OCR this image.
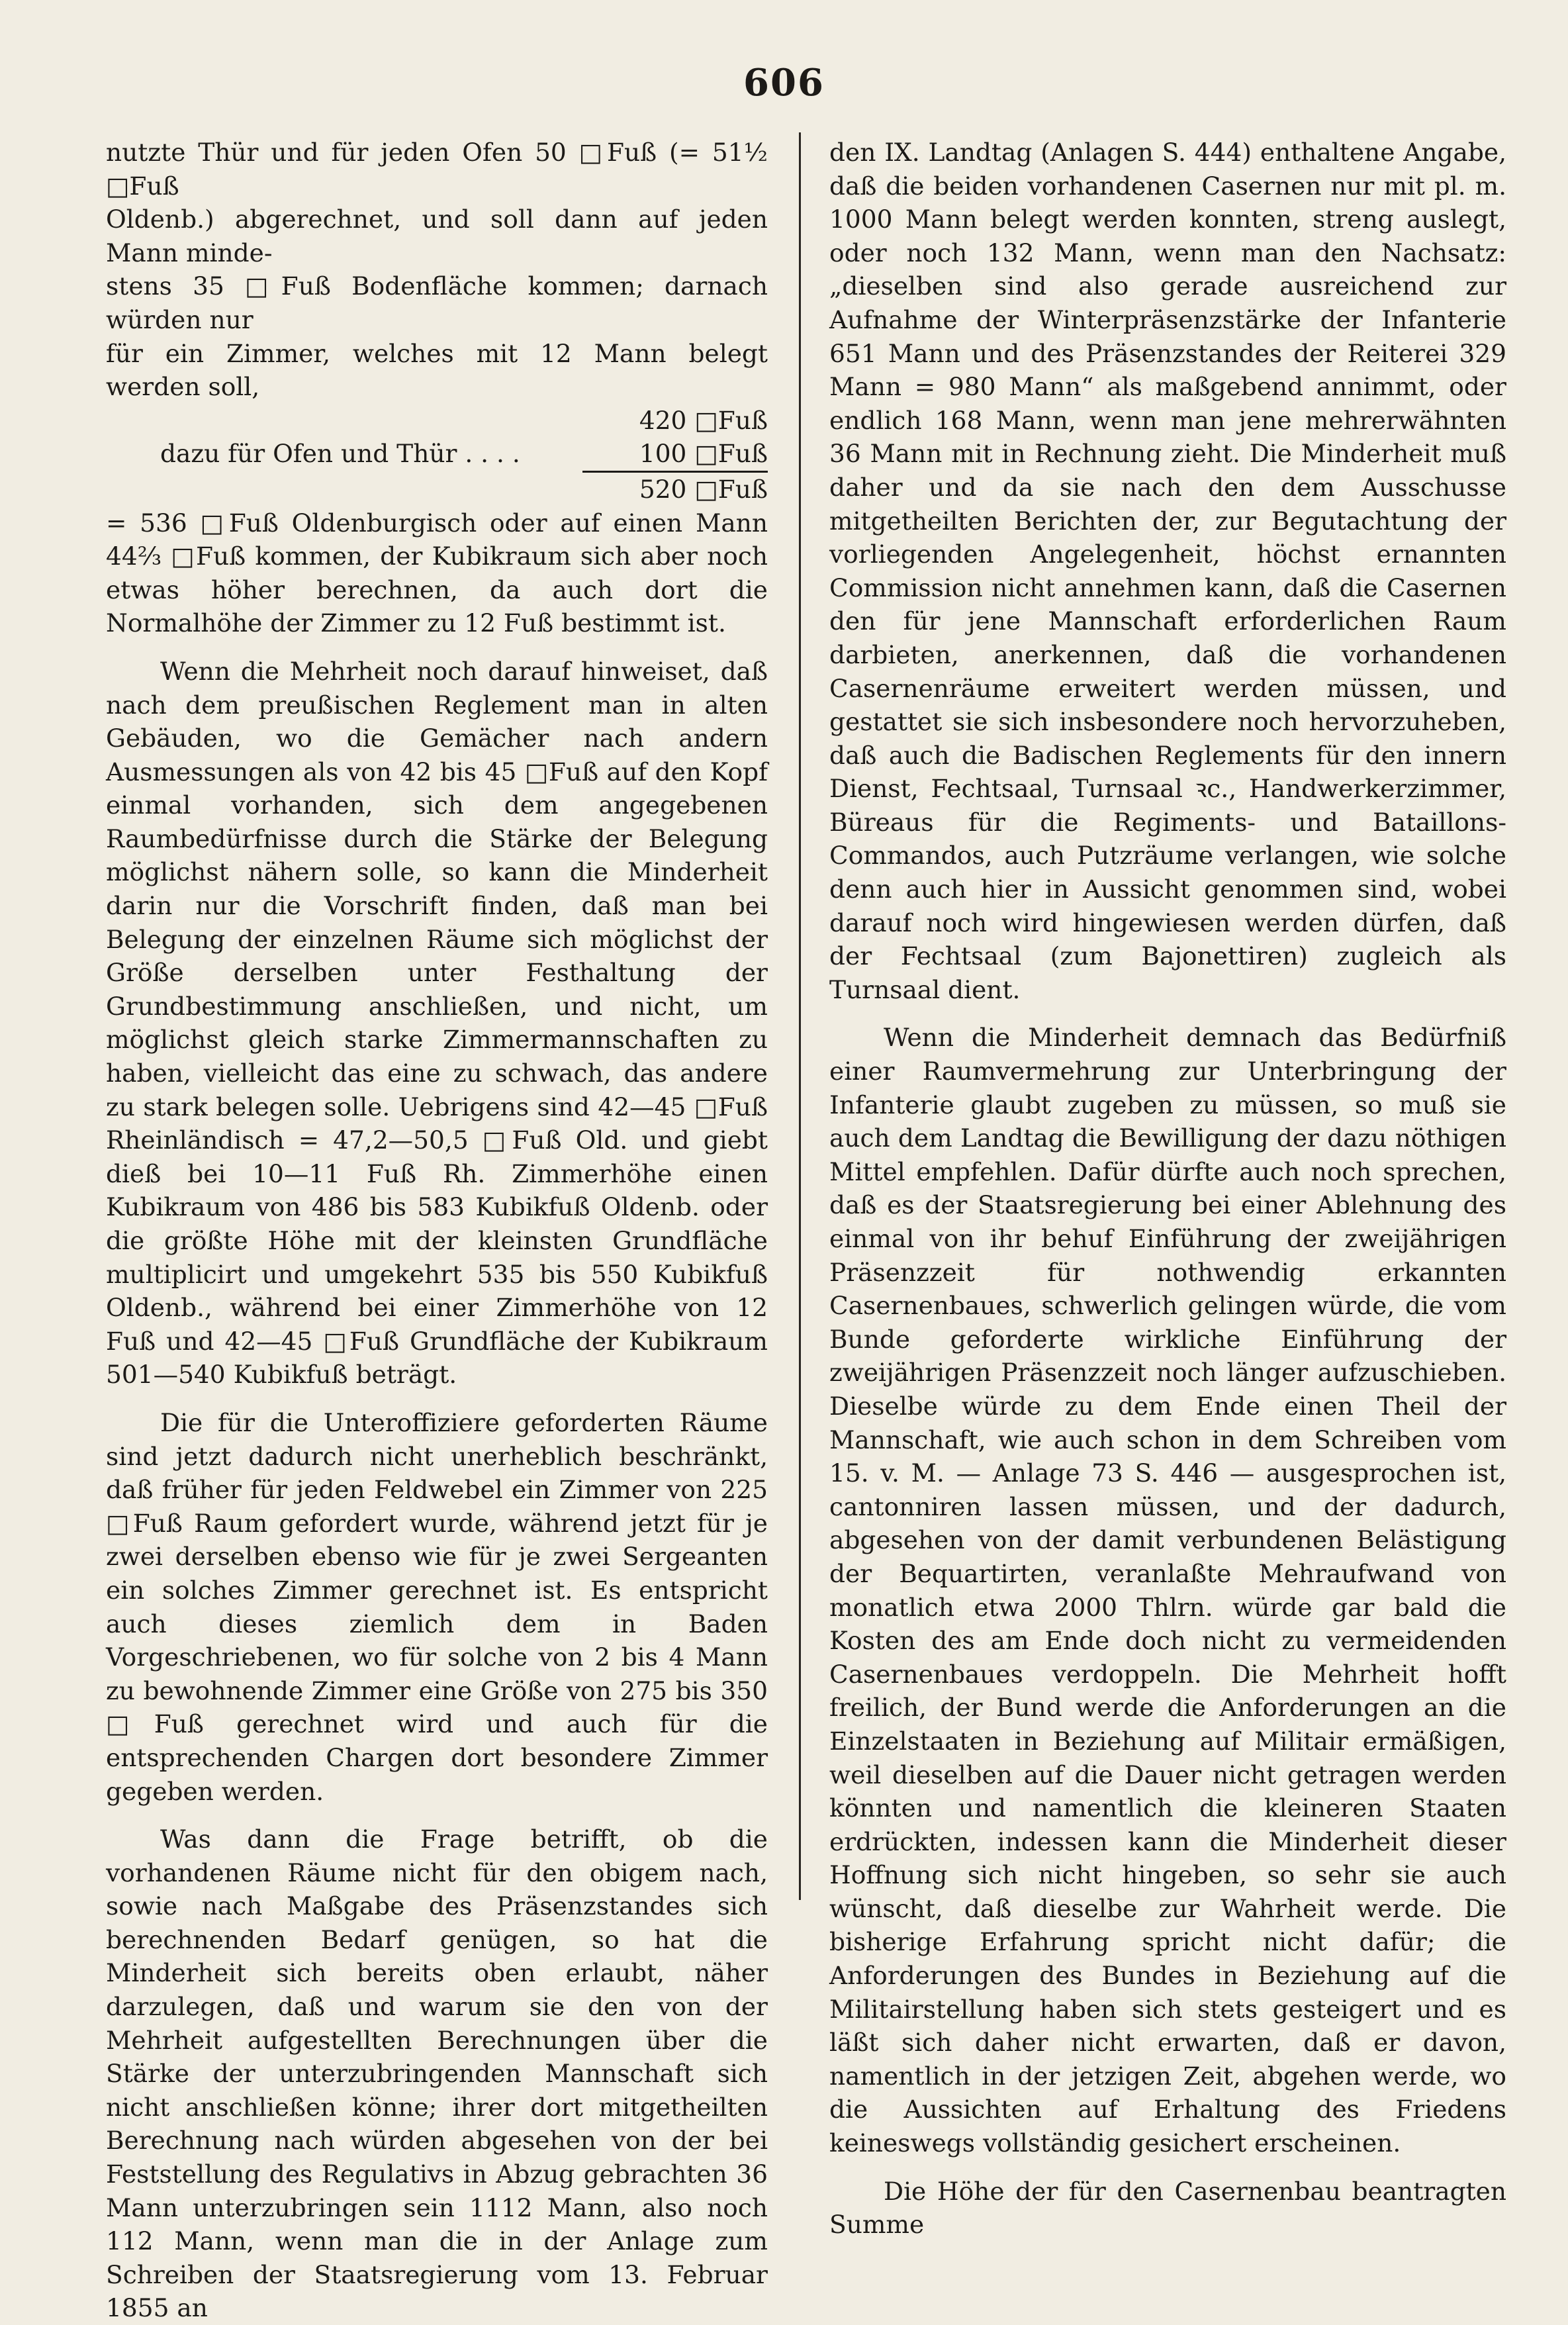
606

nutzte Thür und für jeden Ofen 50 □Fuß (= 51½ □Fuß
Oldenb.) abgerechnet, und soll dann auf jeden Mann minde-
stens 35 □Fuß Bodenfläche kommen; darnach würden nur
für ein Zimmer, welches mit 12 Mann belegt werden soll,

420 □Fuß
dazu für Ofen und Thür . . . .	100 □Fuß
520 □Fuß

= 536 □Fuß Oldenburgisch oder auf einen Mann 44⅔ □Fuß kommen, der Kubikraum sich aber noch etwas höher berechnen, da auch dort die Normalhöhe der Zimmer zu 12 Fuß bestimmt ist.

Wenn die Mehrheit noch darauf hinweiset, daß nach dem preußischen Reglement man in alten Gebäuden, wo die Gemächer nach andern Ausmessungen als von 42 bis 45 □Fuß auf den Kopf einmal vorhanden, sich dem angegebenen Raumbedürfnisse durch die Stärke der Belegung möglichst nähern solle, so kann die Minderheit darin nur die Vorschrift finden, daß man bei Belegung der einzelnen Räume sich möglichst der Größe derselben unter Festhaltung der Grundbestimmung anschließen, und nicht, um möglichst gleich starke Zimmermannschaften zu haben, vielleicht das eine zu schwach, das andere zu stark belegen solle. Uebrigens sind 42—45 □Fuß Rheinländisch = 47,2—50,5 □Fuß Old. und giebt dieß bei 10—11 Fuß Rh. Zimmerhöhe einen Kubikraum von 486 bis 583 Kubikfuß Oldenb. oder die größte Höhe mit der kleinsten Grundfläche multiplicirt und umgekehrt 535 bis 550 Kubikfuß Oldenb., während bei einer Zimmerhöhe von 12 Fuß und 42—45 □Fuß Grundfläche der Kubikraum 501—540 Kubikfuß beträgt.

Die für die Unteroffiziere geforderten Räume sind jetzt dadurch nicht unerheblich beschränkt, daß früher für jeden Feldwebel ein Zimmer von 225 □Fuß Raum gefordert wurde, während jetzt für je zwei derselben ebenso wie für je zwei Sergeanten ein solches Zimmer gerechnet ist. Es entspricht auch dieses ziemlich dem in Baden Vorgeschriebenen, wo für solche von 2 bis 4 Mann zu bewohnende Zimmer eine Größe von 275 bis 350 □Fuß gerechnet wird und auch für die entsprechenden Chargen dort besondere Zimmer gegeben werden.

Was dann die Frage betrifft, ob die vorhandenen Räume nicht für den obigem nach, sowie nach Maßgabe des Präsenzstandes sich berechnenden Bedarf genügen, so hat die Minderheit sich bereits oben erlaubt, näher darzulegen, daß und warum sie den von der Mehrheit aufgestellten Berechnungen über die Stärke der unterzubringenden Mannschaft sich nicht anschließen könne; ihrer dort mitgetheilten Berechnung nach würden abgesehen von der bei Feststellung des Regulativs in Abzug gebrachten 36 Mann unterzubringen sein 1112 Mann, also noch 112 Mann, wenn man die in der Anlage zum Schreiben der Staatsregierung vom 13. Februar 1855 an

den IX. Landtag (Anlagen S. 444) enthaltene Angabe, daß die beiden vorhandenen Casernen nur mit pl. m. 1000 Mann belegt werden konnten, streng auslegt, oder noch 132 Mann, wenn man den Nachsatz: „dieselben sind also gerade ausreichend zur Aufnahme der Winterpräsenzstärke der Infanterie 651 Mann und des Präsenzstandes der Reiterei 329 Mann = 980 Mann“ als maßgebend annimmt, oder endlich 168 Mann, wenn man jene mehrerwähnten 36 Mann mit in Rechnung zieht. Die Minderheit muß daher und da sie nach den dem Ausschusse mitgetheilten Berichten der, zur Begutachtung der vorliegenden Angelegenheit, höchst ernannten Commission nicht annehmen kann, daß die Casernen den für jene Mannschaft erforderlichen Raum darbieten, anerkennen, daß die vorhandenen Casernenräume erweitert werden müssen, und gestattet sie sich insbesondere noch hervorzuheben, daß auch die Badischen Reglements für den innern Dienst, Fechtsaal, Turnsaal ꝛc., Handwerkerzimmer, Büreaus für die Regiments- und Bataillons-Commandos, auch Putzräume verlangen, wie solche denn auch hier in Aussicht genommen sind, wobei darauf noch wird hingewiesen werden dürfen, daß der Fechtsaal (zum Bajonettiren) zugleich als Turnsaal dient.

Wenn die Minderheit demnach das Bedürfniß einer Raumvermehrung zur Unterbringung der Infanterie glaubt zugeben zu müssen, so muß sie auch dem Landtag die Bewilligung der dazu nöthigen Mittel empfehlen. Dafür dürfte auch noch sprechen, daß es der Staatsregierung bei einer Ablehnung des einmal von ihr behuf Einführung der zweijährigen Präsenzzeit für nothwendig erkannten Casernenbaues, schwerlich gelingen würde, die vom Bunde geforderte wirkliche Einführung der zweijährigen Präsenzzeit noch länger aufzuschieben. Dieselbe würde zu dem Ende einen Theil der Mannschaft, wie auch schon in dem Schreiben vom 15. v. M. — Anlage 73 S. 446 — ausgesprochen ist, cantonniren lassen müssen, und der dadurch, abgesehen von der damit verbundenen Belästigung der Bequartirten, veranlaßte Mehraufwand von monatlich etwa 2000 Thlrn. würde gar bald die Kosten des am Ende doch nicht zu vermeidenden Casernenbaues verdoppeln. Die Mehrheit hofft freilich, der Bund werde die Anforderungen an die Einzelstaaten in Beziehung auf Militair ermäßigen, weil dieselben auf die Dauer nicht getragen werden könnten und namentlich die kleineren Staaten erdrückten, indessen kann die Minderheit dieser Hoffnung sich nicht hingeben, so sehr sie auch wünscht, daß dieselbe zur Wahrheit werde. Die bisherige Erfahrung spricht nicht dafür; die Anforderungen des Bundes in Beziehung auf die Militairstellung haben sich stets gesteigert und es läßt sich daher nicht erwarten, daß er davon, namentlich in der jetzigen Zeit, abgehen werde, wo die Aussichten auf Erhaltung des Friedens keineswegs vollständig gesichert erscheinen.

Die Höhe der für den Casernenbau beantragten Summe
